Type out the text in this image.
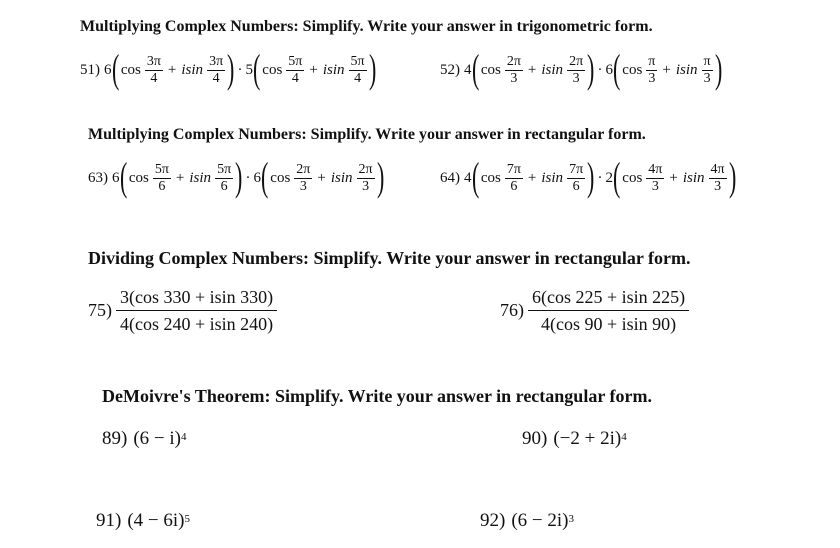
Multiplying Complex Numbers: Simplify. Write your answer in trigonometric form.
51) 6 ( $\cos \frac{3\pi}{4} + isin \frac{3\pi}{4}$ ) · 5 ( $\cos \frac{5\pi}{4} + isin \frac{5\pi}{4}$ )	52) 4 ( $\cos \frac{2\pi}{3} + isin \frac{2\pi}{3}$ ) · 6 ( $\cos \frac{\pi}{3} + isin \frac{\pi}{3}$ )
Multiplying Complex Numbers: Simplify. Write your answer in rectangular form.
63) 6 ( $\cos \frac{5\pi}{6} + isin \frac{5\pi}{6}$ ) · 6 ( $\cos \frac{2\pi}{3} + isin \frac{2\pi}{3}$ )	64) 4 ( $\cos \frac{7\pi}{6} + isin \frac{7\pi}{6}$ ) · 2 ( $\cos \frac{4\pi}{3} + isin \frac{4\pi}{3}$ )
Dividing Complex Numbers: Simplify. Write your answer in rectangular form.
$75) \frac{3(\cos 330 + isin 330)}{4(\cos 240 + isin 240)}$	$76) \frac{6(\cos 225 + isin 225)}{4(\cos 90 + isin 90)}$
DeMoivre's Theorem: Simplify. Write your answer in rectangular form.
89) $(6 - i)^4$	90) $(-2 + 2i)^4$
91) $(4 - 6i)^5$	92) $(6 - 2i)^3$
